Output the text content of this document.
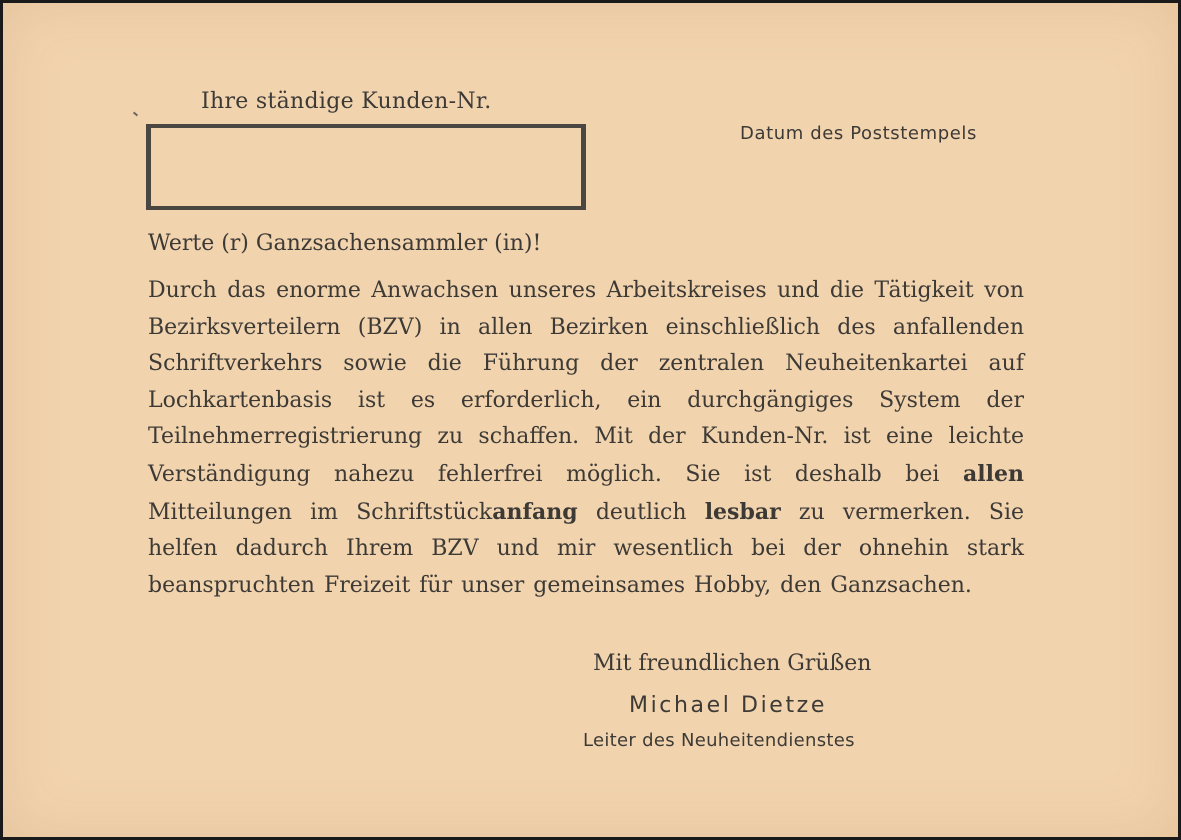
Ihre ständige Kunden-Nr.
Datum des Poststempels
Werte (r) Ganzsachensammler (in)!

Durch das enorme Anwachsen unseres Arbeitskreises und die Tätigkeit von Bezirksverteilern (BZV) in allen Bezirken einschließlich des anfallenden Schriftverkehrs sowie die Führung der zentralen Neuheitenkartei auf Lochkartenbasis ist es erforderlich, ein durchgängiges System der Teilnehmerregistrierung zu schaffen. Mit der Kunden-Nr. ist eine leichte Verständigung nahezu fehlerfrei möglich. Sie ist deshalb bei allen Mitteilungen im Schriftstückanfang deutlich lesbar zu vermerken. Sie helfen dadurch Ihrem BZV und mir wesentlich bei der ohnehin stark beanspruchten Freizeit für unser gemeinsames Hobby, den Ganzsachen.

Mit freundlichen Grüßen
Michael Dietze
Leiter des Neuheitendienstes
